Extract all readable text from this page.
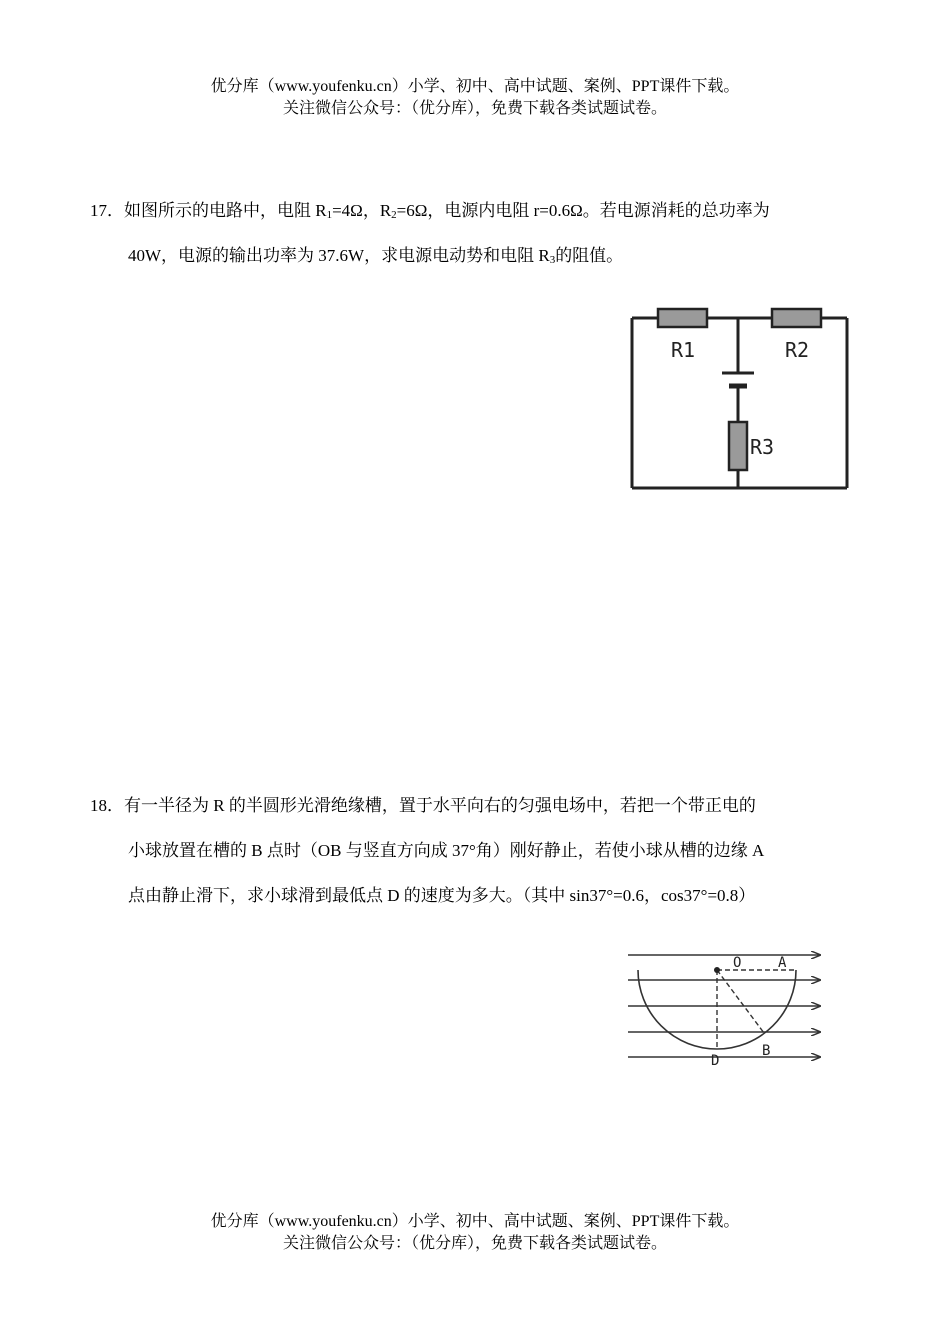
优分库（www.youfenku.cn）小学、初中、高中试题、案例、PPT课件下载。
关注微信公众号：（优分库），免费下载各类试题试卷。
17．如图所示的电路中，电阻 $R_1=4\Omega$，$R_2=6\Omega$，电源内电阻 r=0.6Ω。若电源消耗的总功率为
40W，电源的输出功率为 37.6W，求电源电动势和电阻 $R_3$的阻值。
R1	R2
R3
18．有一半径为 R 的半圆形光滑绝缘槽，置于水平向右的匀强电场中，若把一个带正电的
小球放置在槽的 B 点时（OB 与竖直方向成 37°角）刚好静止，若使小球从槽的边缘 A
点由静止滑下，求小球滑到最低点 D 的速度为多大。（其中 sin37°=0.6，cos37°=0.8）
O	A
B
D
优分库（www.youfenku.cn）小学、初中、高中试题、案例、PPT课件下载。
关注微信公众号：（优分库），免费下载各类试题试卷。
